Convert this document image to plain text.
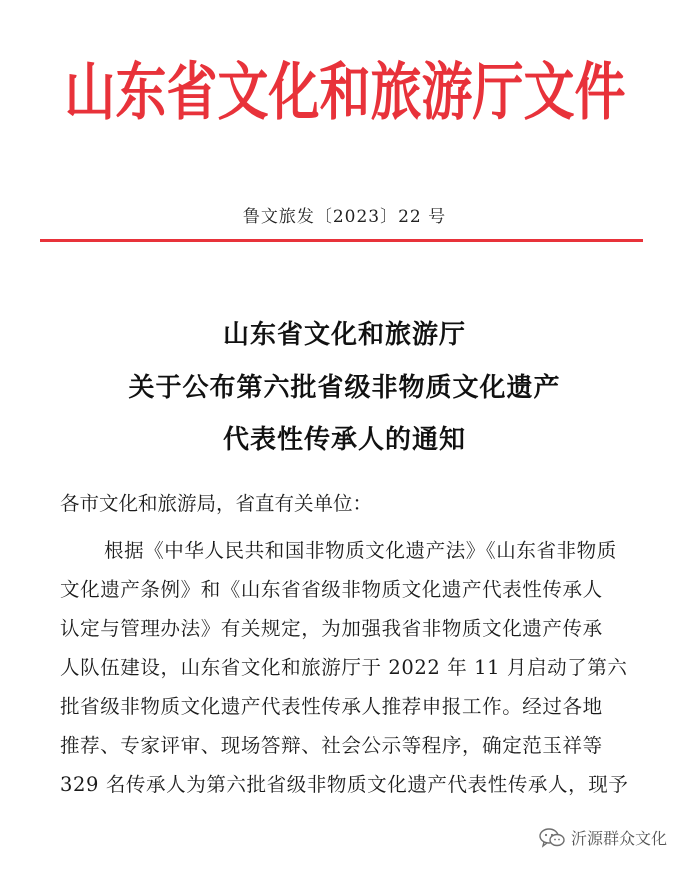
山东省文化和旅游厅文件
鲁文旅发〔2023〕22 号
山东省文化和旅游厅
关于公布第六批省级非物质文化遗产
代表性传承人的通知
各市文化和旅游局，省直有关单位：
根据《中华人民共和国非物质文化遗产法》《山东省非物质
文化遗产条例》和《山东省省级非物质文化遗产代表性传承人
认定与管理办法》有关规定，为加强我省非物质文化遗产传承
人队伍建设，山东省文化和旅游厅于 2022 年 11 月启动了第六
批省级非物质文化遗产代表性传承人推荐申报工作。经过各地
推荐、专家评审、现场答辩、社会公示等程序，确定范玉祥等
329 名传承人为第六批省级非物质文化遗产代表性传承人，现予
沂源群众文化
